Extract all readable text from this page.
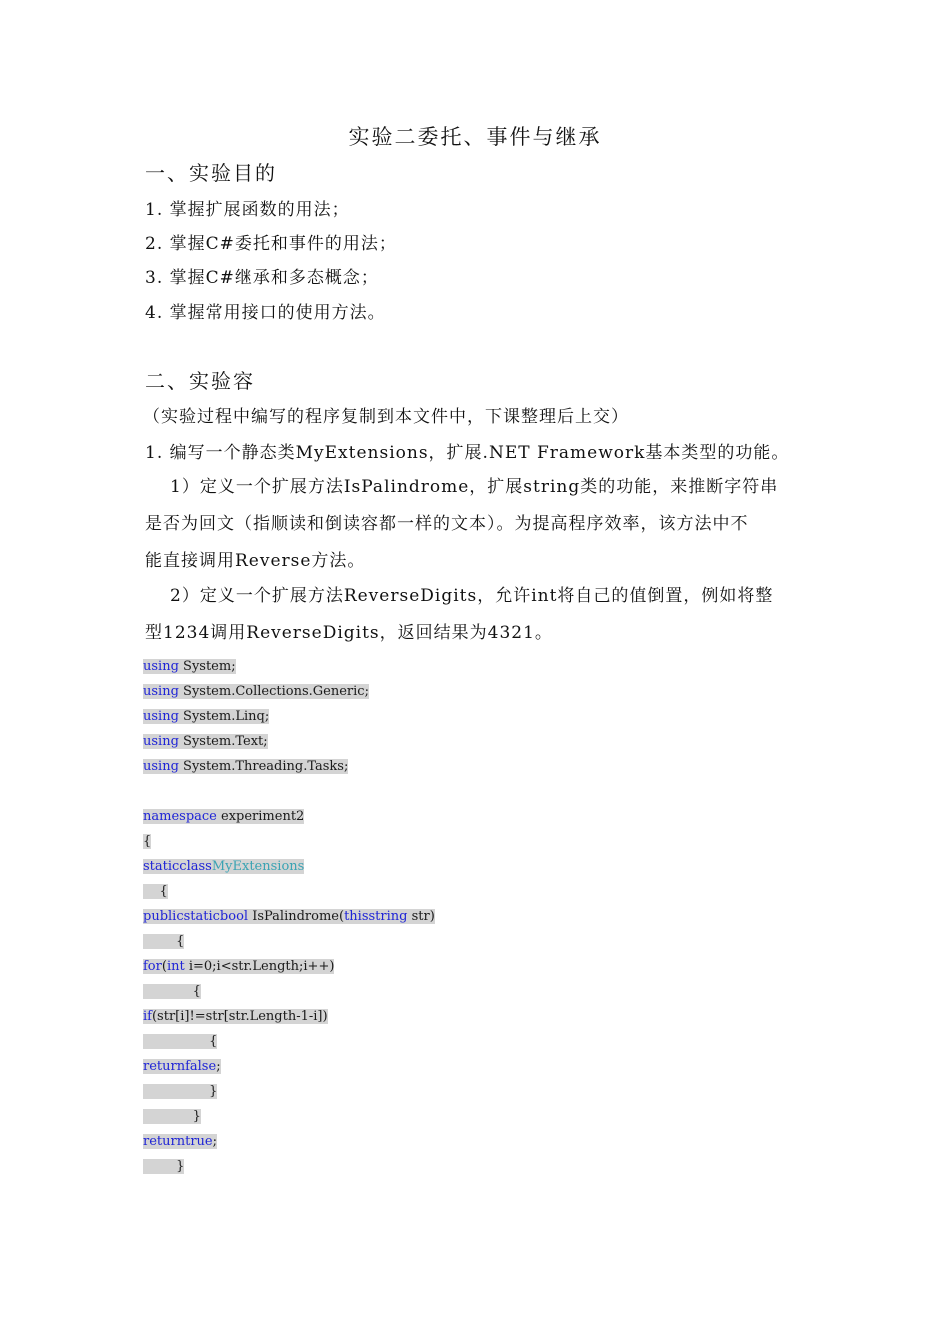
实验二委托、事件与继承
一、实验目的
1. 掌握扩展函数的用法；
2. 掌握C#委托和事件的用法；
3. 掌握C#继承和多态概念；
4. 掌握常用接口的使用方法。
二、实验容
（实验过程中编写的程序复制到本文件中，下课整理后上交）
1. 编写一个静态类MyExtensions，扩展.NET Framework基本类型的功能。
1）定义一个扩展方法IsPalindrome，扩展string类的功能，来推断字符串
是否为回文（指顺读和倒读容都一样的文本）。为提高程序效率，该方法中不
能直接调用Reverse方法。
2）定义一个扩展方法ReverseDigits，允许int将自己的值倒置，例如将整
型1234调用ReverseDigits，返回结果为4321。
using System;
using System.Collections.Generic;
using System.Linq;
using System.Text;
using System.Threading.Tasks;
namespace experiment2
{
staticclassMyExtensions
{
publicstaticbool IsPalindrome(thisstring str)
{
for(int i=0;i<str.Length;i++)
{
if(str[i]!=str[str.Length-1-i])
{
returnfalse;
}
}
returntrue;
}
